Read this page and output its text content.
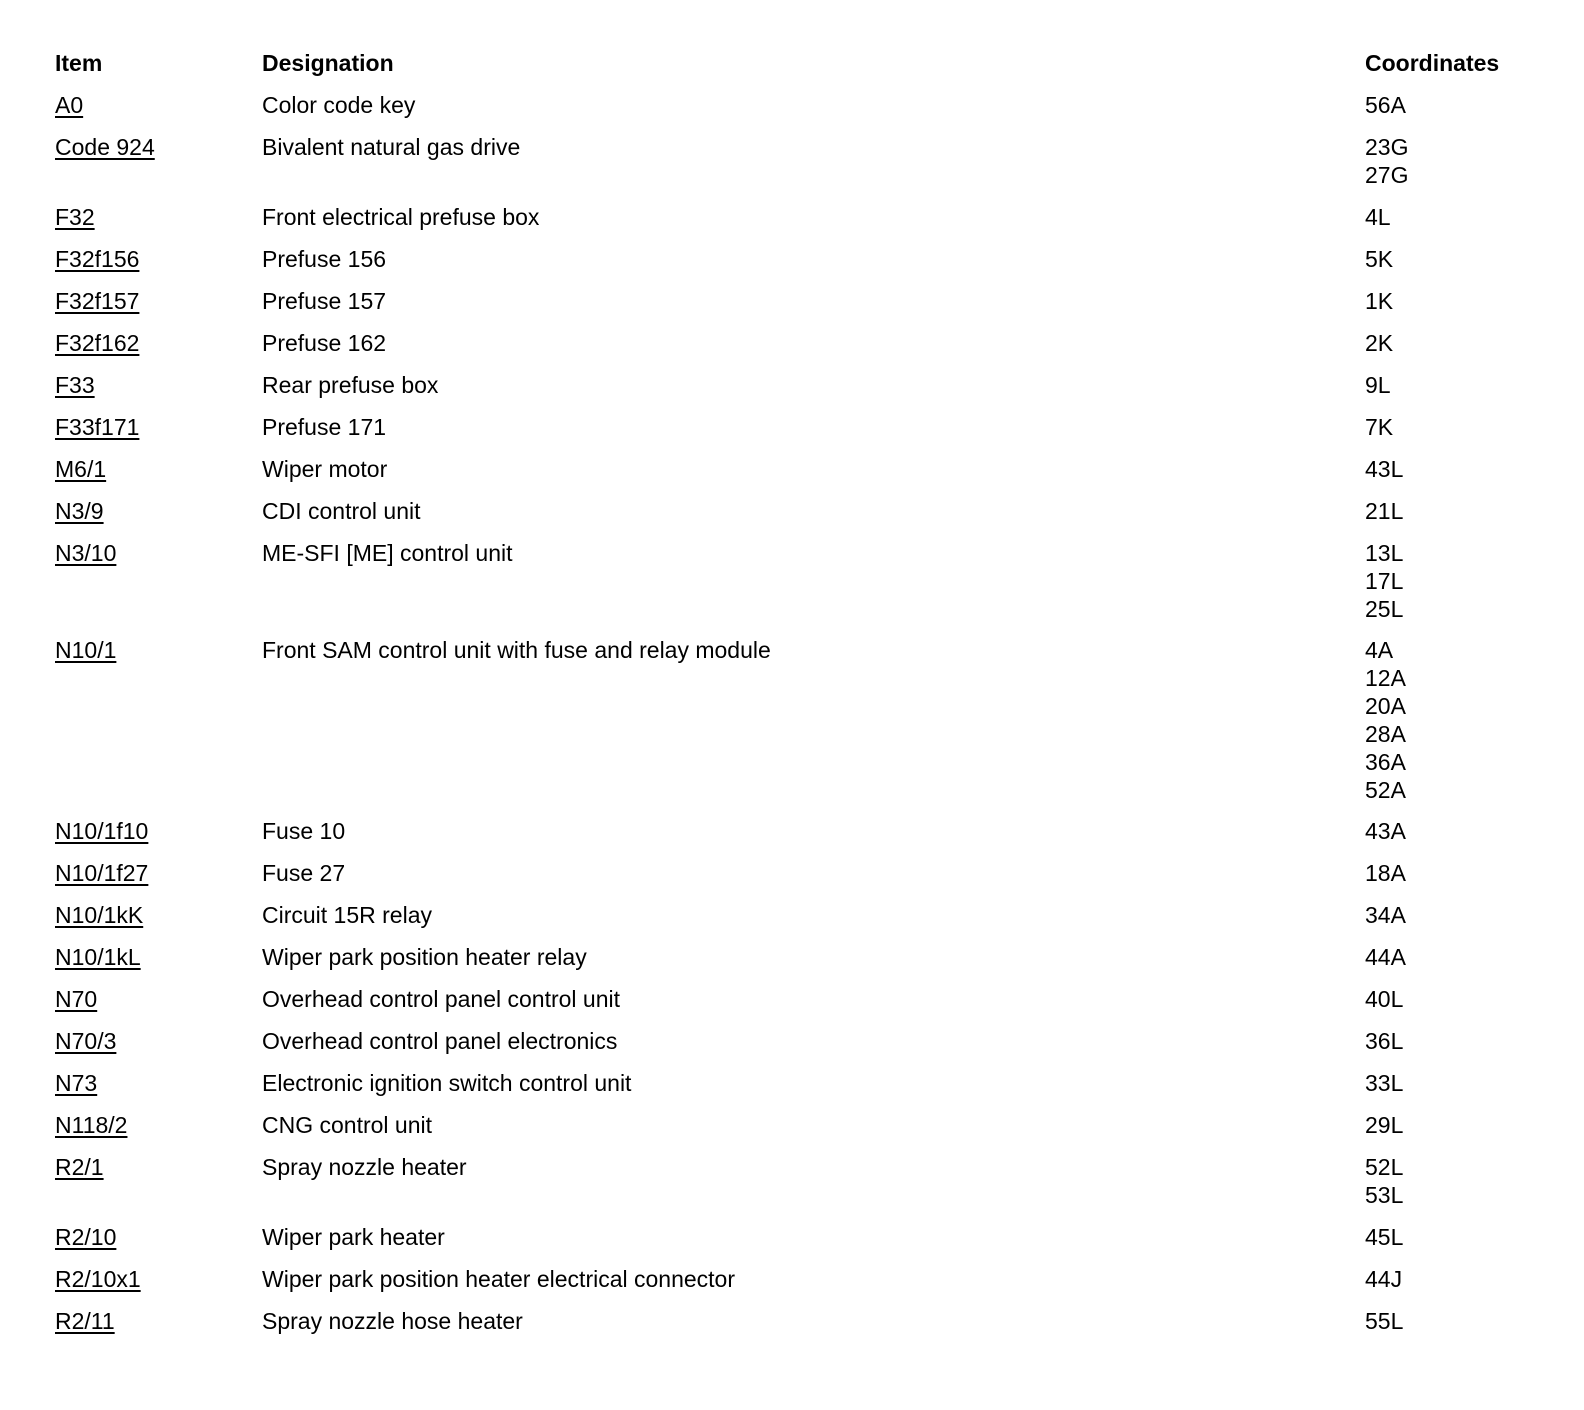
Item	Designation	Coordinates
A0	Color code key	56A
Code 924	Bivalent natural gas drive	23G
27G
F32	Front electrical prefuse box	4L
F32f156	Prefuse 156	5K
F32f157	Prefuse 157	1K
F32f162	Prefuse 162	2K
F33	Rear prefuse box	9L
F33f171	Prefuse 171	7K
M6/1	Wiper motor	43L
N3/9	CDI control unit	21L
N3/10	ME-SFI [ME] control unit	13L
17L
25L
N10/1	Front SAM control unit with fuse and relay module	4A
12A
20A
28A
36A
52A
N10/1f10	Fuse 10	43A
N10/1f27	Fuse 27	18A
N10/1kK	Circuit 15R relay	34A
N10/1kL	Wiper park position heater relay	44A
N70	Overhead control panel control unit	40L
N70/3	Overhead control panel electronics	36L
N73	Electronic ignition switch control unit	33L
N118/2	CNG control unit	29L
R2/1	Spray nozzle heater	52L
53L
R2/10	Wiper park heater	45L
R2/10x1	Wiper park position heater electrical connector	44J
R2/11	Spray nozzle hose heater	55L
